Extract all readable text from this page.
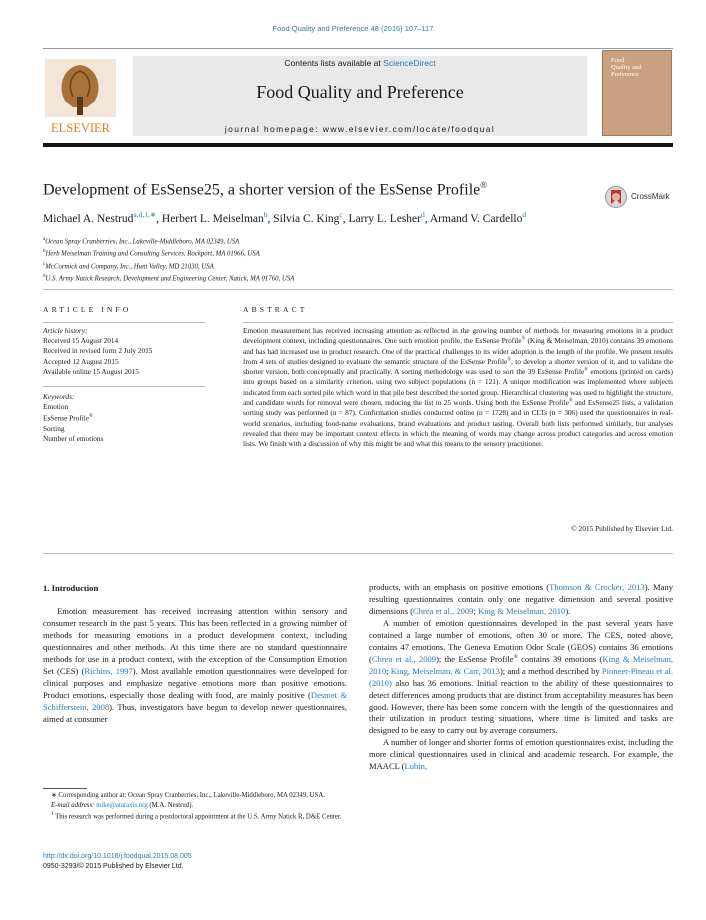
Food Quality and Preference 48 (2016) 107–117
ELSEVIER
Contents lists available at ScienceDirect
Food Quality and Preference
journal homepage: www.elsevier.com/locate/foodqual
Food
Quality and
Preference
Development of EsSense25, a shorter version of the EsSense Profile®
CrossMark
Michael A. Nestrud$^{a,d,1,∗}$, Herbert L. Meiselman$^b$, Silvia C. King$^c$, Larry L. Lesher$^d$, Armand V. Cardello$^d$
$^a$Ocean Spray Cranberries, Inc., Lakeville-Middleboro, MA 02349, USA
$^b$Herb Meiselman Training and Consulting Services, Rockport, MA 01966, USA
$^c$McCormick and Company, Inc., Hunt Valley, MD 21030, USA
$^d$U.S. Army Natick Research, Development and Engineering Center, Natick, MA 01760, USA
ARTICLE INFO
Article history:
Received 15 August 2014
Received in revised form 2 July 2015
Accepted 12 August 2015
Available online 15 August 2015
Keywords:
Emotion
EsSense Profile®
Sorting
Number of emotions
ABSTRACT
Emotion measurement has received increasing attention as reflected in the growing number of methods for measuring emotions in a product development context, including questionnaires. One such emotion profile, the EsSense Profile® (King & Meiselman, 2010) contains 39 emotions and has had increased use in product research. One of the practical challenges to its wider adoption is the length of the profile. We present results from 4 sets of studies designed to evaluate the semantic structure of the EsSense Profile®, to develop a shorter version of it, and to validate the shorter version, both conceptually and practically. A sorting methodology was used to sort the 39 EsSense Profile® emotions (printed on cards) into groups based on a similarity criterion, using two subject populations (n = 121). A unique modification was implemented where subjects indicated from each sorted pile which word in that pile best described the sorted group. Hierarchical clustering was used to highlight the structure, and candidate words for removal were chosen, reducing the list to 25 words. Using both the EsSense Profile® and EsSense25 lists, a validation sorting study was performed (n = 87). Confirmation studies conducted online (n = 1728) and in CLTs (n = 306) used the questionnaires in real-world scenarios, including food-name evaluations, brand evaluations and product tasting. Overall both lists performed similarly, but analyses revealed that there may be important context effects in which the meaning of words may change across product categories and across emotion lists. We finish with a discussion of why this might be and what this means to the sensory practitioner.
© 2015 Published by Elsevier Ltd.
1. Introduction

Emotion measurement has received increasing attention within sensory and consumer research in the past 5 years. This has been reflected in a growing number of methods for measuring emotions in a product development context, including questionnaires and other methods. At this time there are no standard questionnaire methods for use in a product context, with the exception of the Consumption Emotion Set (CES) (Richins, 1997). Most available emotion questionnaires were developed for clinical purposes and emphasize negative emotions more than positive emotions. Product emotions, especially those dealing with food, are mainly positive (Desmet & Schifferstein, 2008). Thus, investigators have begun to develop newer questionnaires, aimed at consumer

products, with an emphasis on positive emotions (Thomson & Crocker, 2013). Many resulting questionnaires contain only one negative dimension and several positive dimensions (Chrea et al., 2009; King & Meiselman, 2010).

A number of emotion questionnaires developed in the past several years have contained a large number of emotions, often 30 or more. The CES, noted above, contains 47 emotions. The Geneva Emotion Odor Scale (GEOS) contains 36 emotions (Chrea et al., 2009); the EsSense Profile® contains 39 emotions (King & Meiselman, 2010; King, Meiselman, & Carr, 2013); and a method described by Pioneer-Pineau et al. (2010) also has 36 emotions. Initial reaction to the ability of these questionnaires to detect differences among products that are distinct from acceptability measures has been good. However, there has been some concern with the length of the questionnaires and their utilization in product testing situations, where time is limited and tasks are designed to be easy to carry out by average consumers.

A number of longer and shorter forms of emotion questionnaires exist, including the more clinical questionnaires used in clinical and academic research. For example, the MAACL (Lubin,

∗ Corresponding author at: Ocean Spray Cranberries, Inc., Lakeville-Middleboro, MA 02349, USA.

E-mail address: mike@ataraxis.org (M.A. Nestrud).

$^1$ This research was performed during a postdoctoral appointment at the U.S. Army Natick R, D&E Center.

http://dx.doi.org/10.1016/j.foodqual.2015.08.005
0950-3293/© 2015 Published by Elsevier Ltd.
